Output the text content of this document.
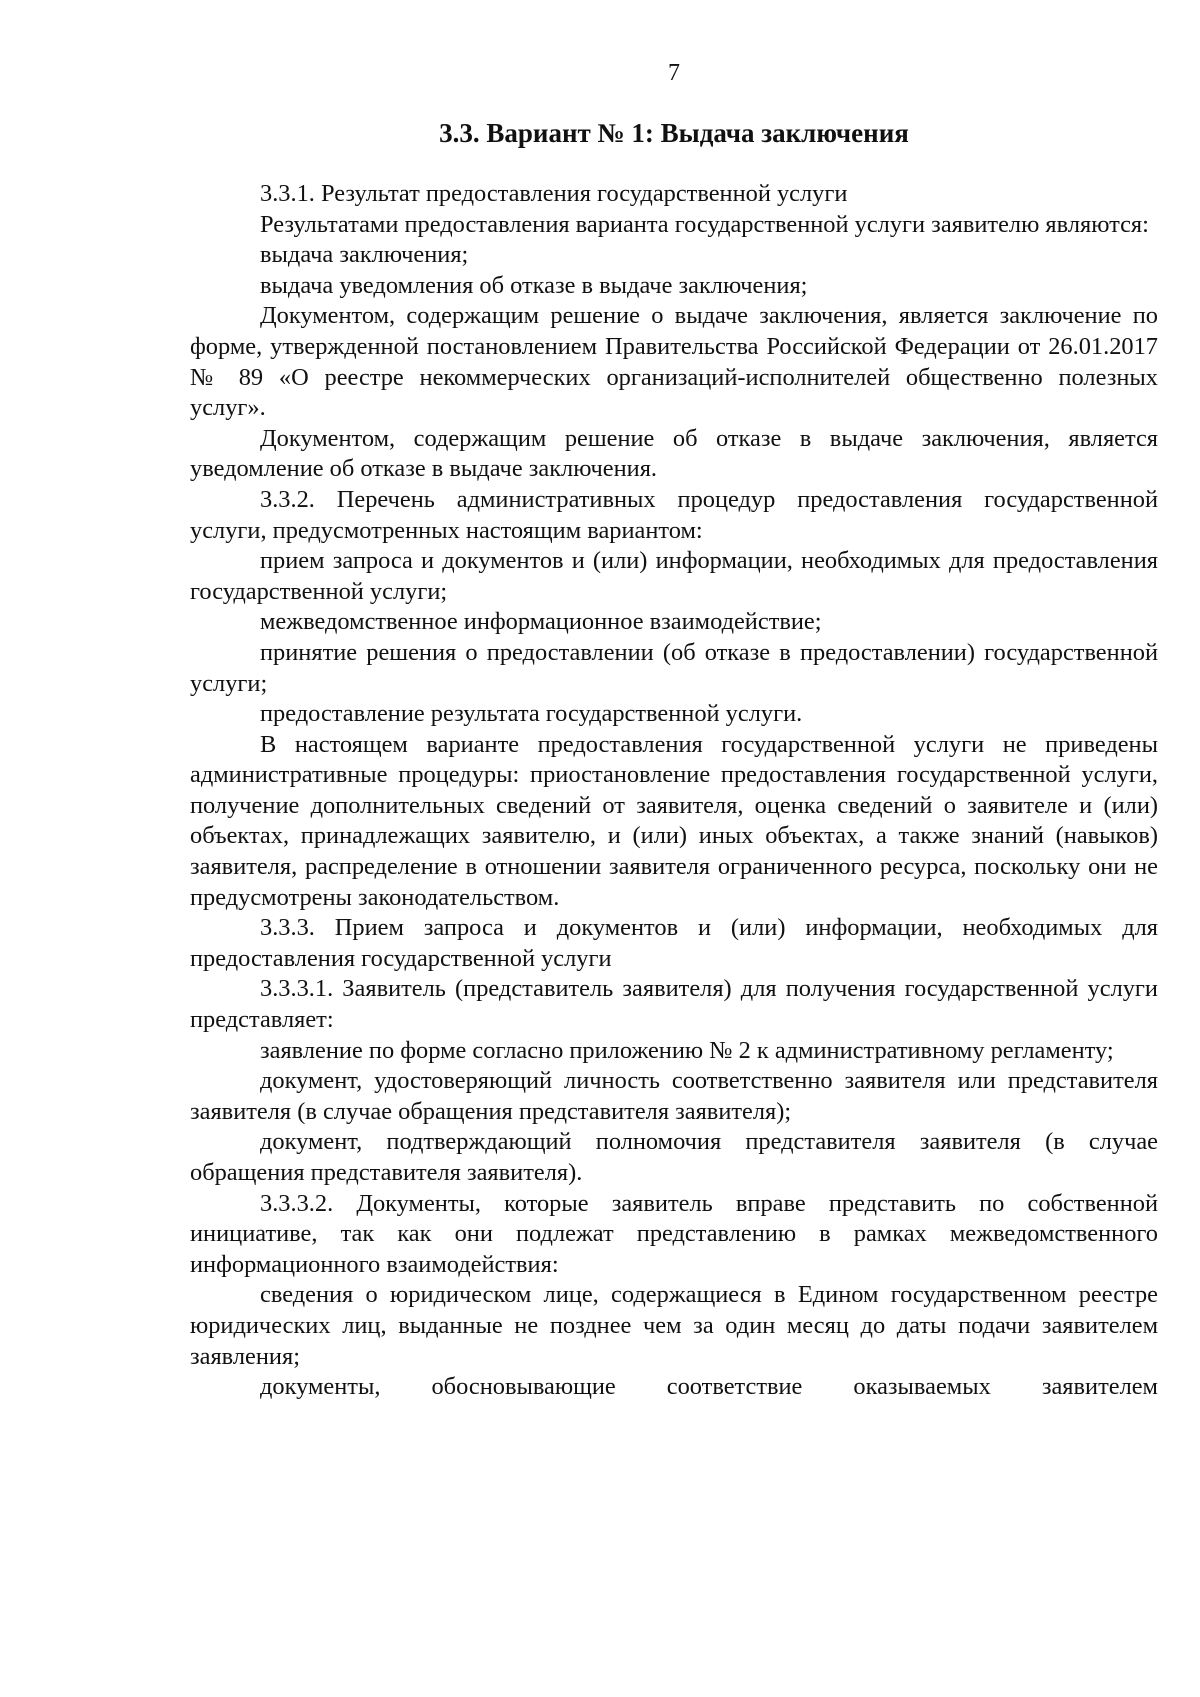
7
3.3. Вариант № 1: Выдача заключения

3.3.1. Результат предоставления государственной услуги

Результатами предоставления варианта государственной услуги заявителю являются:

выдача заключения;

выдача уведомления об отказе в выдаче заключения;

Документом, содержащим решение о выдаче заключения, является заключение по форме, утвержденной постановлением Правительства Российской Федерации от 26.01.2017 № 89 «О реестре некоммерческих организаций-исполнителей общественно полезных услуг».

Документом, содержащим решение об отказе в выдаче заключения, является уведомление об отказе в выдаче заключения.

3.3.2. Перечень административных процедур предоставления государственной услуги, предусмотренных настоящим вариантом:

прием запроса и документов и (или) информации, необходимых для предоставления государственной услуги;

межведомственное информационное взаимодействие;

принятие решения о предоставлении (об отказе в предоставлении) государственной услуги;

предоставление результата государственной услуги.

В настоящем варианте предоставления государственной услуги не приведены административные процедуры: приостановление предоставления государственной услуги, получение дополнительных сведений от заявителя, оценка сведений о заявителе и (или) объектах, принадлежащих заявителю, и (или) иных объектах, а также знаний (навыков) заявителя, распределение в отношении заявителя ограниченного ресурса, поскольку они не предусмотрены законодательством.

3.3.3. Прием запроса и документов и (или) информации, необходимых для предоставления государственной услуги

3.3.3.1. Заявитель (представитель заявителя) для получения государственной услуги представляет:

заявление по форме согласно приложению № 2 к административному регламенту;

документ, удостоверяющий личность соответственно заявителя или представителя заявителя (в случае обращения представителя заявителя);

документ, подтверждающий полномочия представителя заявителя (в случае обращения представителя заявителя).

3.3.3.2. Документы, которые заявитель вправе представить по собственной инициативе, так как они подлежат представлению в рамках межведомственного информационного взаимодействия:

сведения о юридическом лице, содержащиеся в Едином государственном реестре юридических лиц, выданные не позднее чем за один месяц до даты подачи заявителем заявления;

документы, обосновывающие соответствие оказываемых заявителем
